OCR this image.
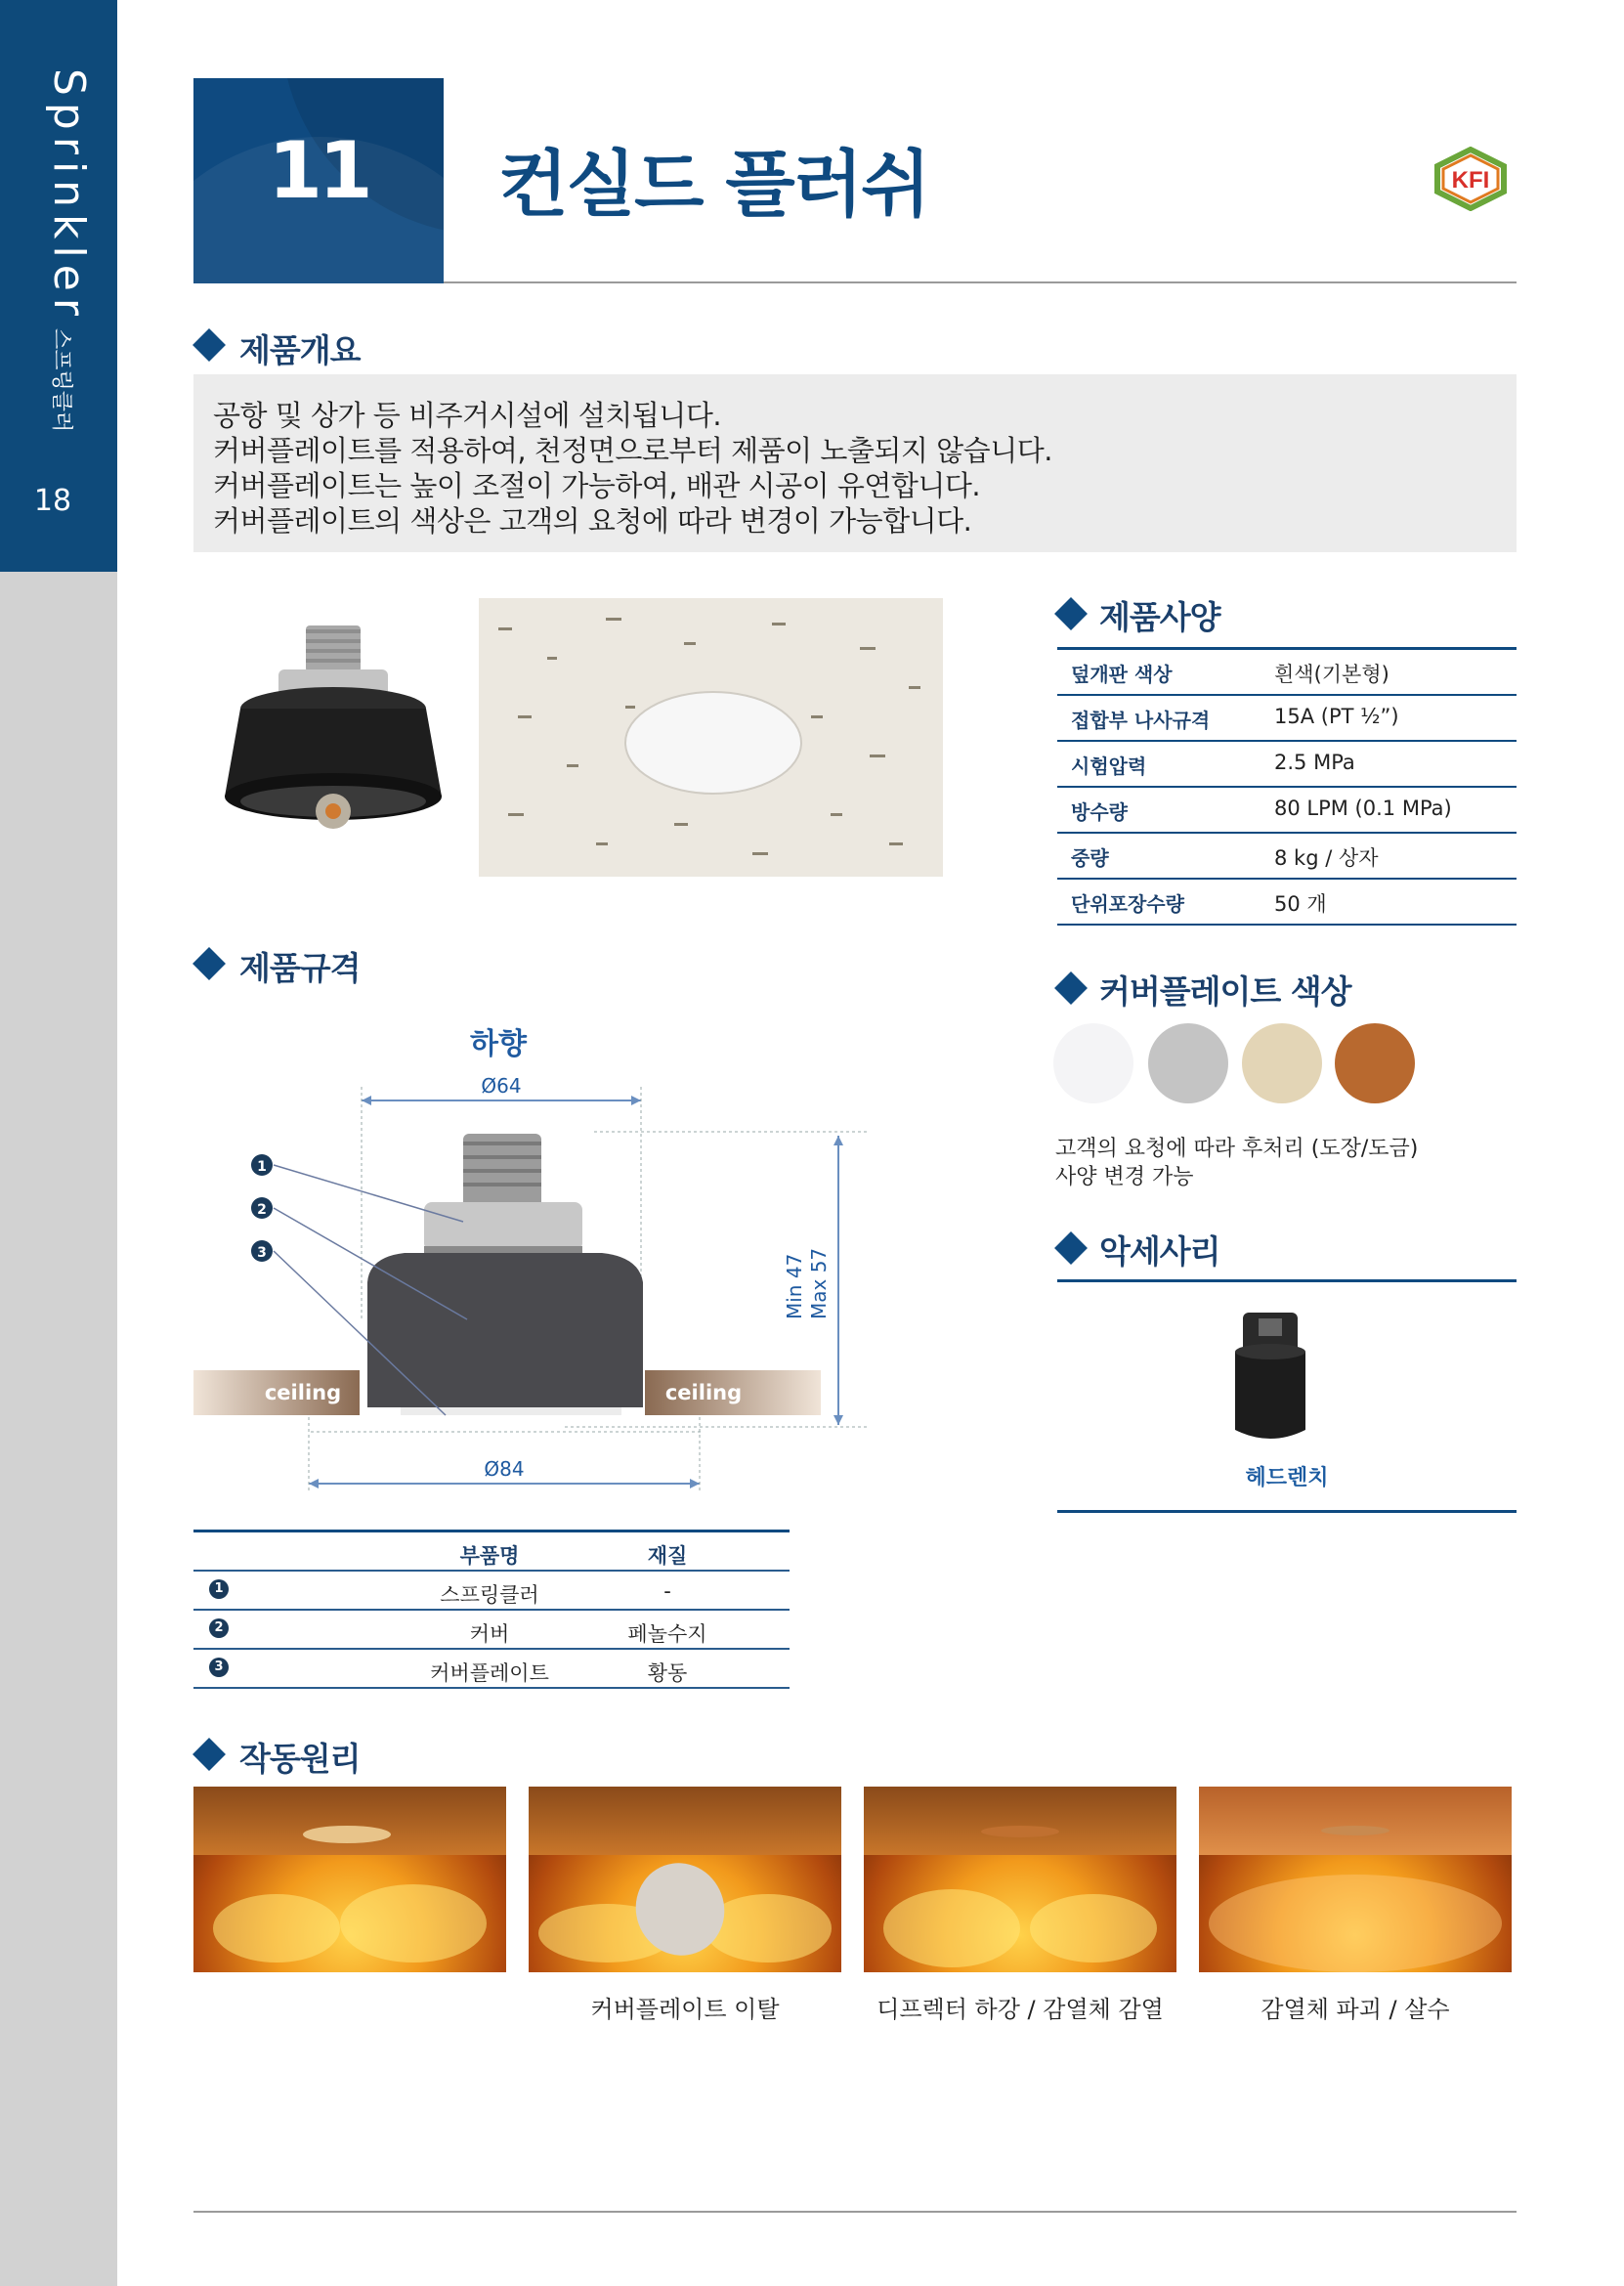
Sprinkler스프링클러
18
11	컨실드 플러쉬	KFI
제품개요
공항 및 상가 등 비주거시설에 설치됩니다.
커버플레이트를 적용하여, 천정면으로부터 제품이 노출되지 않습니다.
커버플레이트는 높이 조절이 가능하여, 배관 시공이 유연합니다.
커버플레이트의 색상은 고객의 요청에 따라 변경이 가능합니다.
제품사양
덮개판 색상	흰색(기본형)
접합부 나사규격	15A (PT ½”)
시험압력	2.5 MPa
방수량	80 LPM (0.1 MPa)
중량	8 kg / 상자
단위포장수량	50 개
커버플레이트 색상
고객의 요청에 따라 후처리 (도장/도금)
사양 변경 가능
악세사리
헤드렌치
제품규격
하향
Ø64
Min 47 Max 57
ceiling	ceiling
Ø84
1
2
3
부품명	재질
1	스프링클러	-
2	커버	페놀수지
3	커버플레이트	황동
작동원리
커버플레이트 이탈	디프렉터 하강 / 감열체 감열	감열체 파괴 / 살수
